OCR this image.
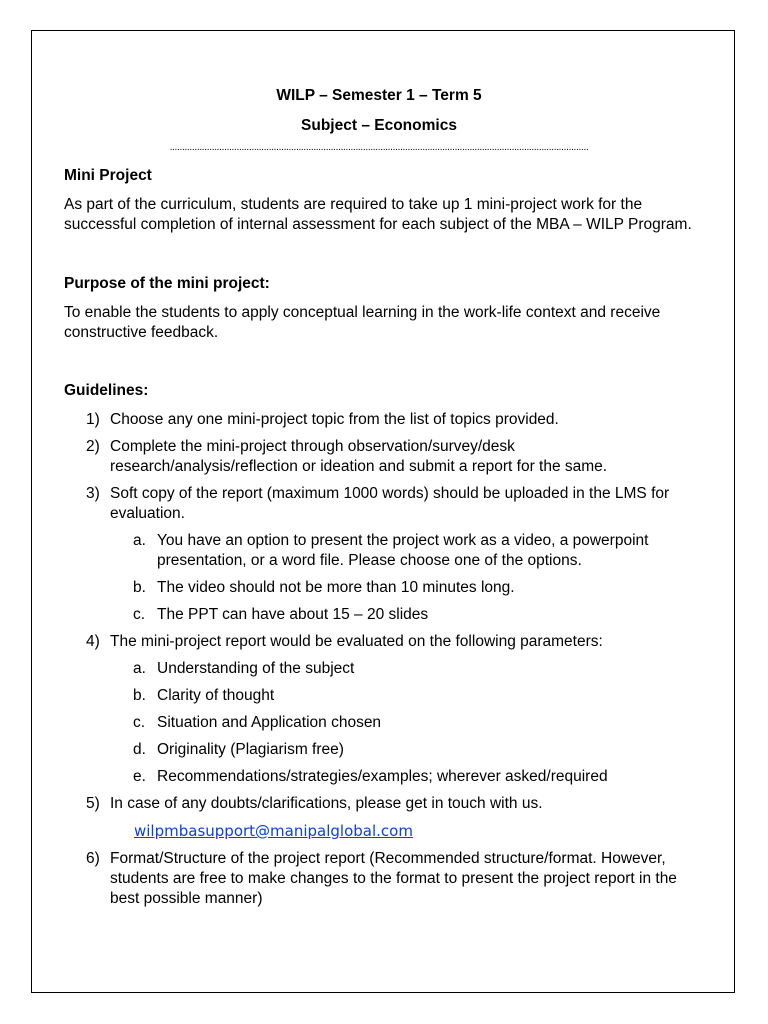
WILP – Semester 1 – Term 5

Subject – Economics

.........................................................................................................................................................................

Mini Project

As part of the curriculum, students are required to take up 1 mini-project work for the successful completion of internal assessment for each subject of the MBA – WILP Program.

Purpose of the mini project:

To enable the students to apply conceptual learning in the work-life context and receive constructive feedback.

Guidelines:

1) Choose any one mini-project topic from the list of topics provided.
2) Complete the mini-project through observation/survey/desk research/analysis/reflection or ideation and submit a report for the same.
3) Soft copy of the report (maximum 1000 words) should be uploaded in the LMS for evaluation.
a. You have an option to present the project work as a video, a powerpoint presentation, or a word file. Please choose one of the options.
b. The video should not be more than 10 minutes long.
c. The PPT can have about 15 – 20 slides
4) The mini-project report would be evaluated on the following parameters:
a. Understanding of the subject
b. Clarity of thought
c. Situation and Application chosen
d. Originality (Plagiarism free)
e. Recommendations/strategies/examples; wherever asked/required
5) In case of any doubts/clarifications, please get in touch with us.
wilpmbasupport@manipalglobal.com
6) Format/Structure of the project report (Recommended structure/format. However, students are free to make changes to the format to present the project report in the best possible manner)
